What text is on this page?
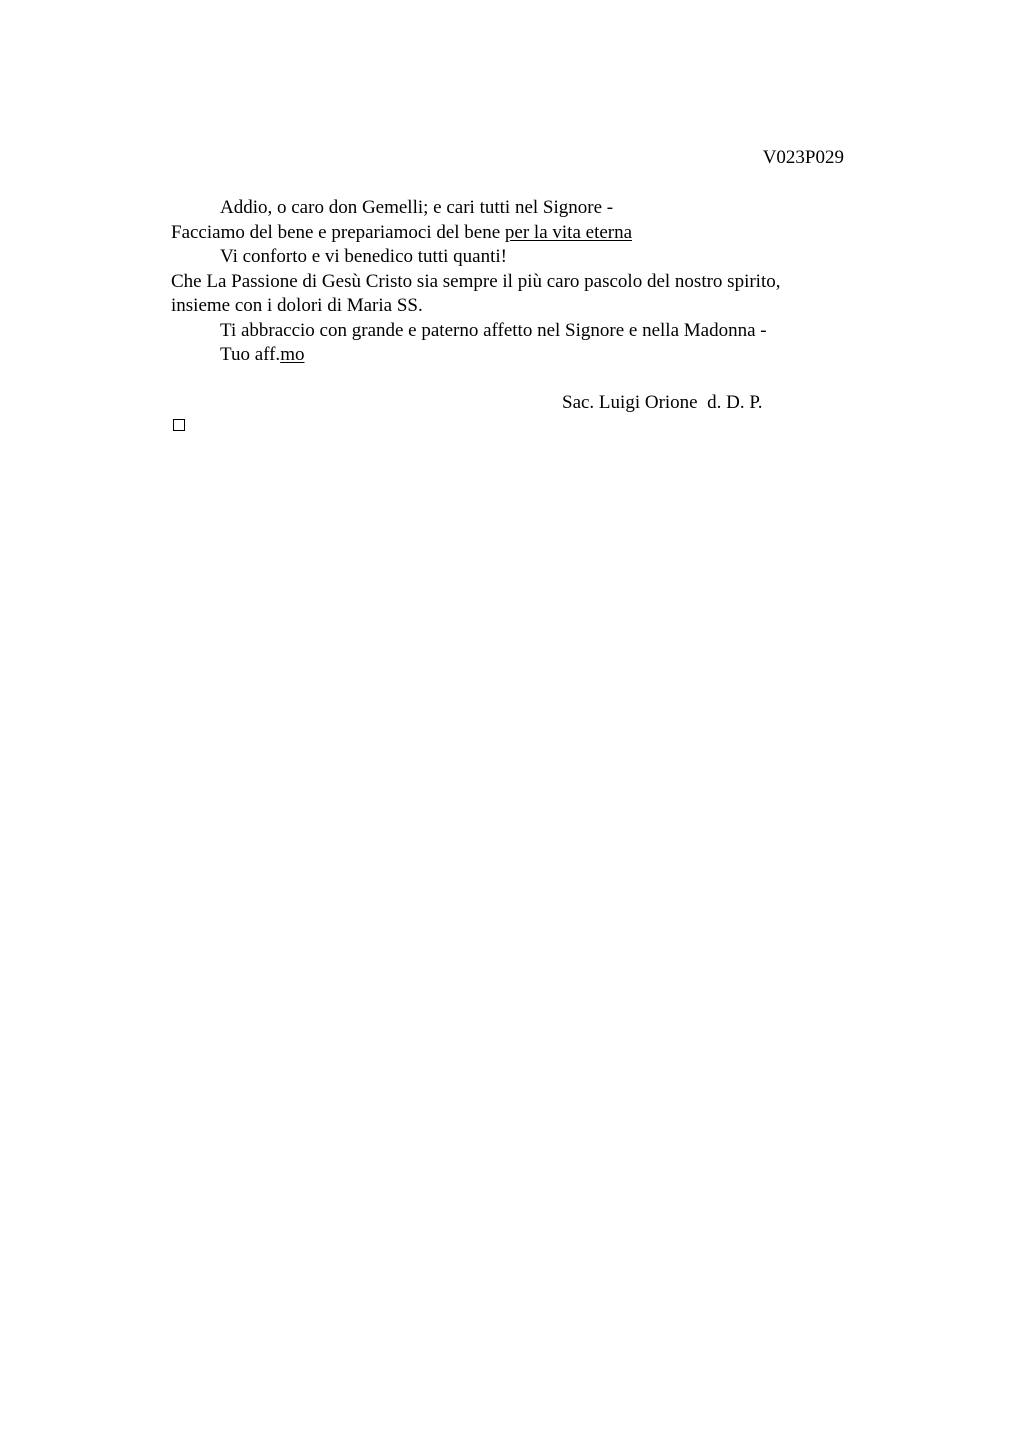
V023P029
Addio, o caro don Gemelli; e cari tutti nel Signore -
Facciamo del bene e prepariamoci del bene per la vita eterna
Vi conforto e vi benedico tutti quanti!
Che La Passione di Gesù Cristo sia sempre il più caro pascolo del nostro spirito,
insieme con i dolori di Maria SS.
Ti abbraccio con grande e paterno affetto nel Signore e nella Madonna -
Tuo aff.mo
Sac. Luigi Orione  d. D. P.
